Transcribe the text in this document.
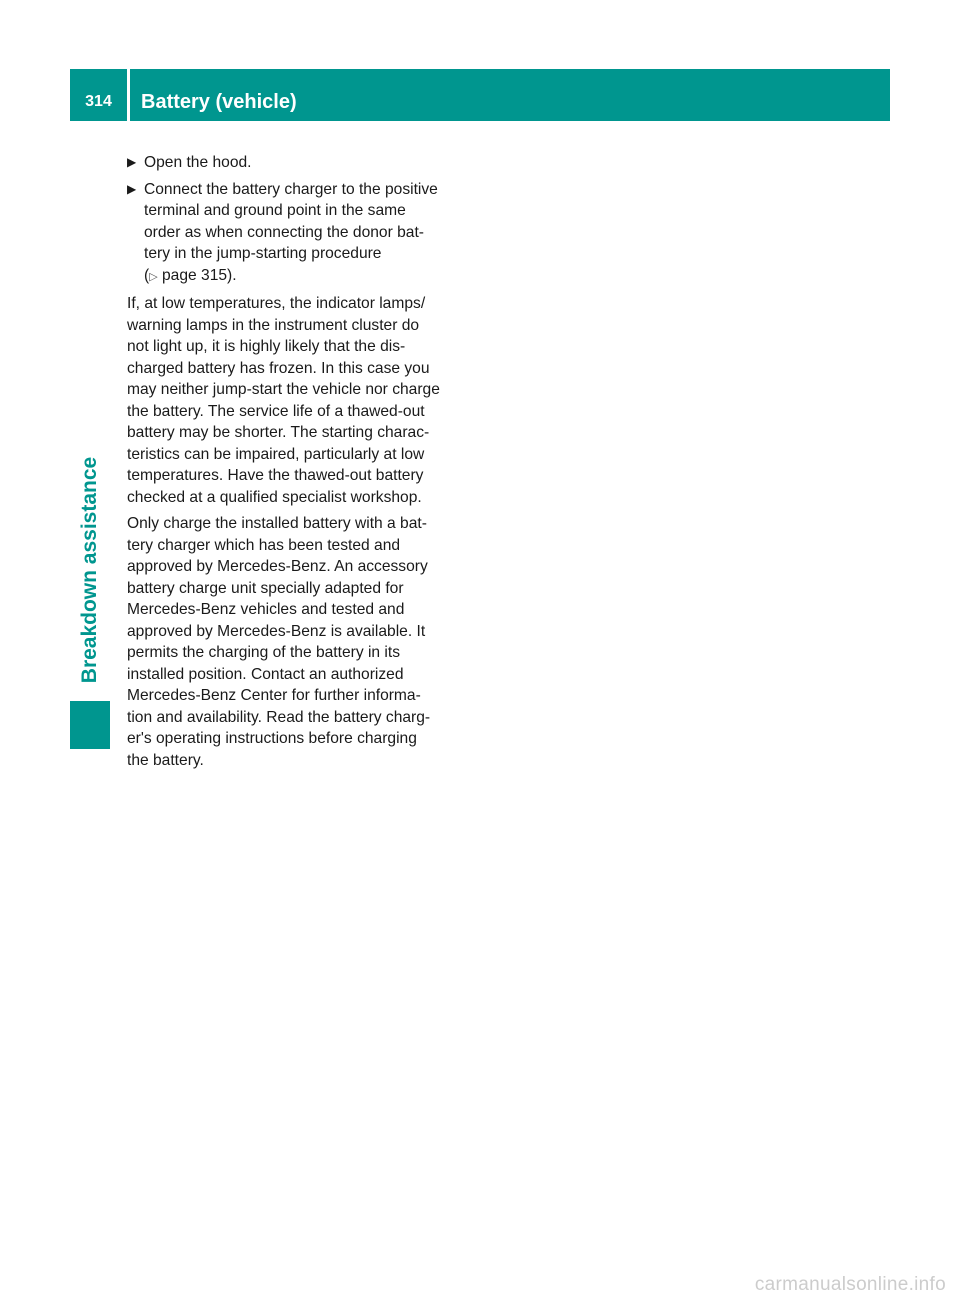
314	Battery (vehicle)
Breakdown assistance
▶ Open the hood.
▶ Connect the battery charger to the positive
terminal and ground point in the same
order as when connecting the donor bat-
tery in the jump-starting procedure
(▷ page 315).

If, at low temperatures, the indicator lamps/
warning lamps in the instrument cluster do
not light up, it is highly likely that the dis-
charged battery has frozen. In this case you
may neither jump-start the vehicle nor charge
the battery. The service life of a thawed-out
battery may be shorter. The starting charac-
teristics can be impaired, particularly at low
temperatures. Have the thawed-out battery
checked at a qualified specialist workshop.

Only charge the installed battery with a bat-
tery charger which has been tested and
approved by Mercedes-Benz. An accessory
battery charge unit specially adapted for
Mercedes-Benz vehicles and tested and
approved by Mercedes-Benz is available. It
permits the charging of the battery in its
installed position. Contact an authorized
Mercedes-Benz Center for further informa-
tion and availability. Read the battery charg-
er's operating instructions before charging
the battery.

carmanualsonline.info
